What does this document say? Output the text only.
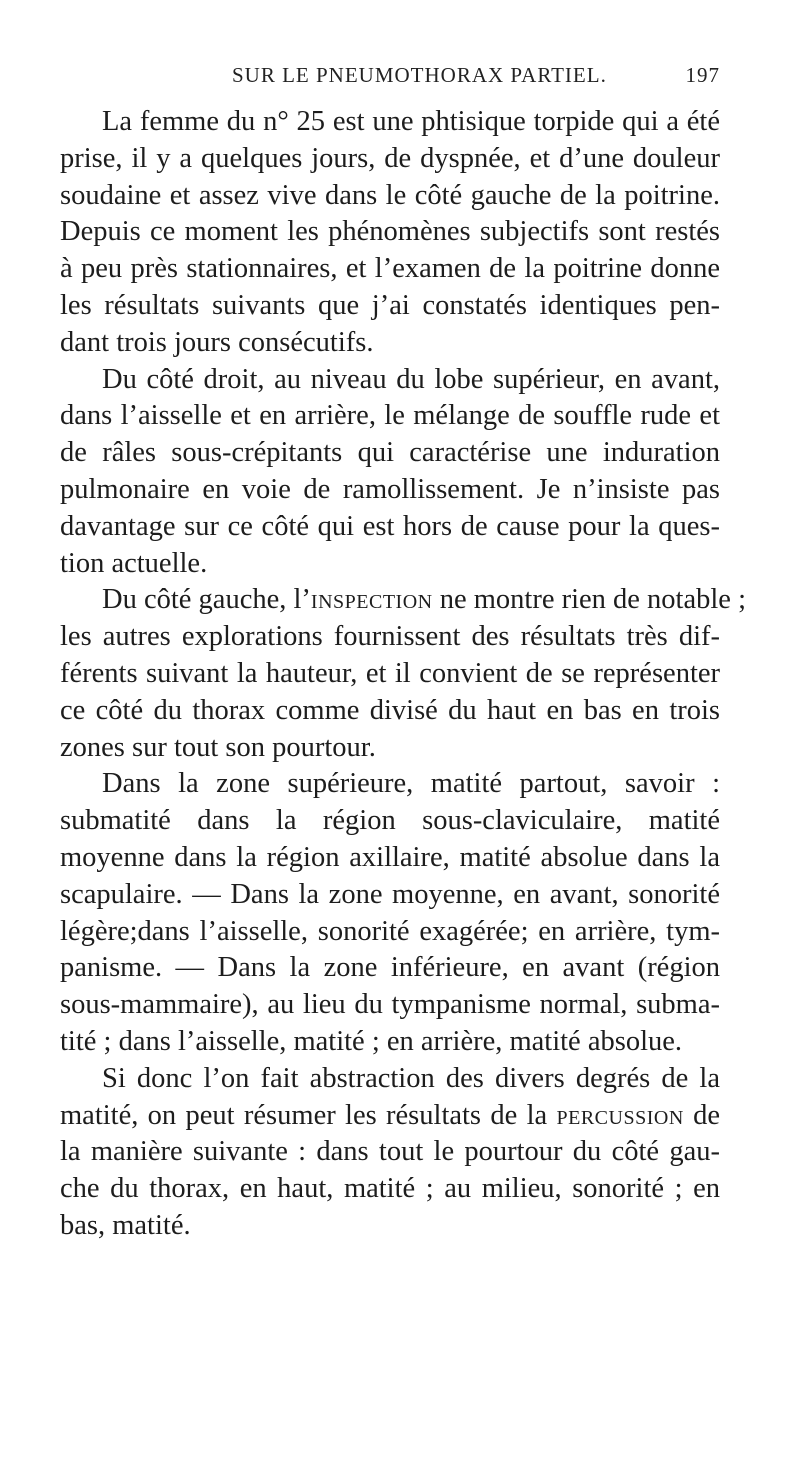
SUR LE PNEUMOTHORAX PARTIEL.	197

La femme du n° 25 est une phtisique torpide qui a été
prise, il y a quelques jours, de dyspnée, et d’une douleur
soudaine et assez vive dans le côté gauche de la poitrine.
Depuis ce moment les phénomènes subjectifs sont restés
à peu près stationnaires, et l’examen de la poitrine donne
les résultats suivants que j’ai constatés identiques pen-
dant trois jours consécutifs.

Du côté droit, au niveau du lobe supérieur, en avant,
dans l’aisselle et en arrière, le mélange de souffle rude et
de râles sous-crépitants qui caractérise une induration
pulmonaire en voie de ramollissement. Je n’insiste pas
davantage sur ce côté qui est hors de cause pour la ques-
tion actuelle.

Du côté gauche, l’inspection ne montre rien de notable ;
les autres explorations fournissent des résultats très dif-
férents suivant la hauteur, et il convient de se représenter
ce côté du thorax comme divisé du haut en bas en trois
zones sur tout son pourtour.

Dans la zone supérieure, matité partout, savoir :
submatité dans la région sous-claviculaire, matité
moyenne dans la région axillaire, matité absolue dans la
scapulaire. — Dans la zone moyenne, en avant, sonorité
légère;dans l’aisselle, sonorité exagérée; en arrière, tym-
panisme. — Dans la zone inférieure, en avant (région
sous-mammaire), au lieu du tympanisme normal, subma-
tité ; dans l’aisselle, matité ; en arrière, matité absolue.

Si donc l’on fait abstraction des divers degrés de la
matité, on peut résumer les résultats de la percussion de
la manière suivante : dans tout le pourtour du côté gau-
che du thorax, en haut, matité ; au milieu, sonorité ; en
bas, matité.
